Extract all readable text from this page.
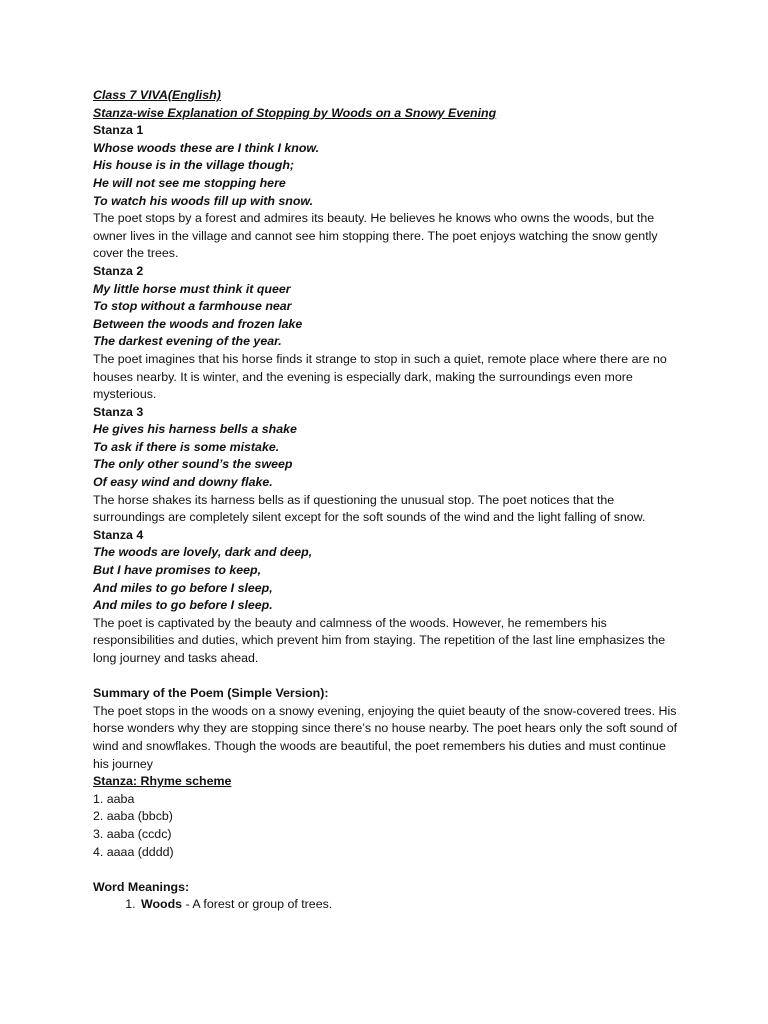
Class 7 VIVA(English)
Stanza-wise Explanation of Stopping by Woods on a Snowy Evening
Stanza 1
Whose woods these are I think I know.
His house is in the village though;
He will not see me stopping here
To watch his woods fill up with snow.
The poet stops by a forest and admires its beauty. He believes he knows who owns the woods, but the owner lives in the village and cannot see him stopping there. The poet enjoys watching the snow gently cover the trees.
Stanza 2
My little horse must think it queer
To stop without a farmhouse near
Between the woods and frozen lake
The darkest evening of the year.
The poet imagines that his horse finds it strange to stop in such a quiet, remote place where there are no houses nearby. It is winter, and the evening is especially dark, making the surroundings even more mysterious.
Stanza 3
He gives his harness bells a shake
To ask if there is some mistake.
The only other sound’s the sweep
Of easy wind and downy flake.
The horse shakes its harness bells as if questioning the unusual stop. The poet notices that the surroundings are completely silent except for the soft sounds of the wind and the light falling of snow.
Stanza 4
The woods are lovely, dark and deep,
But I have promises to keep,
And miles to go before I sleep,
And miles to go before I sleep.
The poet is captivated by the beauty and calmness of the woods. However, he remembers his responsibilities and duties, which prevent him from staying. The repetition of the last line emphasizes the long journey and tasks ahead.
Summary of the Poem (Simple Version):
The poet stops in the woods on a snowy evening, enjoying the quiet beauty of the snow-covered trees. His horse wonders why they are stopping since there’s no house nearby. The poet hears only the soft sound of wind and snowflakes. Though the woods are beautiful, the poet remembers his duties and must continue his journey
Stanza: Rhyme scheme
1. aaba
2. aaba (bbcb)
3. aaba (ccdc)
4. aaaa (dddd)
Word Meanings:
1. Woods - A forest or group of trees.
